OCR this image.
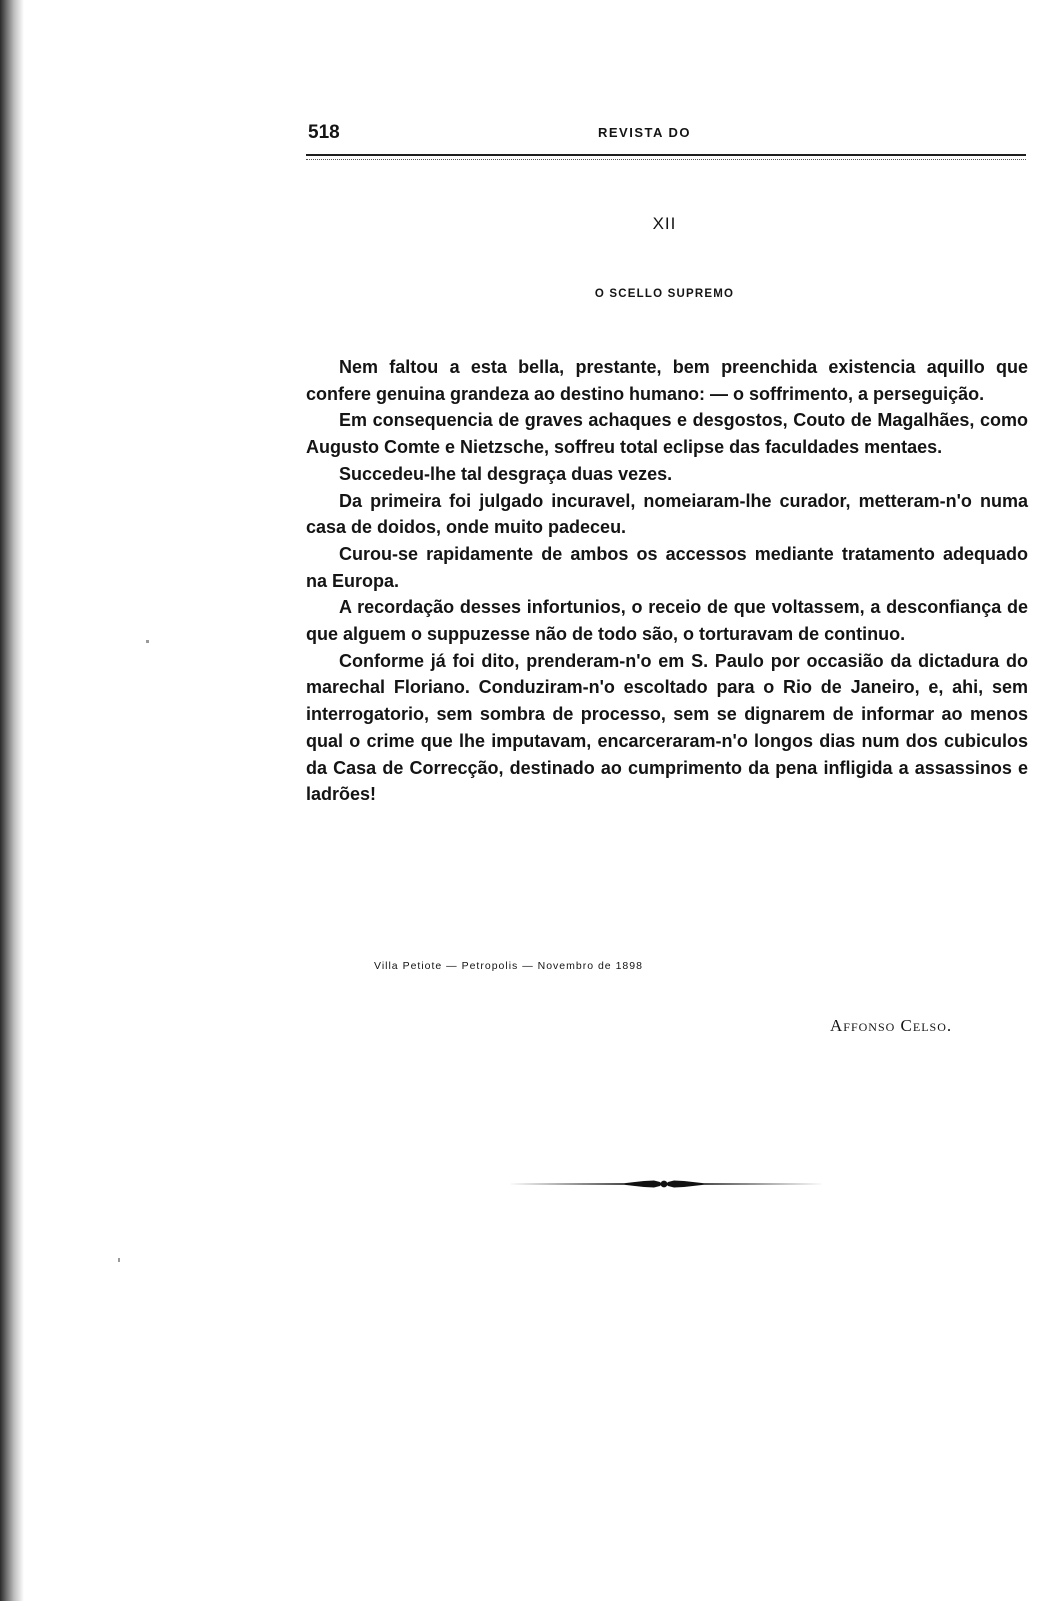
518	REVISTA DO
XII
O SCELLO SUPREMO

Nem faltou a esta bella, prestante, bem preenchida existencia aquillo que confere genuina grandeza ao destino humano: — o soffrimento, a perseguição.

Em consequencia de graves achaques e desgostos, Couto de Magalhães, como Augusto Comte e Nietzsche, soffreu total eclipse das faculdades mentaes.

Succedeu-lhe tal desgraça duas vezes.

Da primeira foi julgado incuravel, nomeiaram-lhe curador, metteram-n'o numa casa de doidos, onde muito padeceu.

Curou-se rapidamente de ambos os accessos mediante tratamento adequado na Europa.

A recordação desses infortunios, o receio de que voltassem, a desconfiança de que alguem o suppuzesse não de todo são, o torturavam de continuo.

Conforme já foi dito, prenderam-n'o em S. Paulo por occasião da dictadura do marechal Floriano. Conduziram-n'o escoltado para o Rio de Janeiro, e, ahi, sem interrogatorio, sem sombra de processo, sem se dignarem de informar ao menos qual o crime que lhe imputavam, encarceraram-n'o longos dias num dos cubiculos da Casa de Correcção, destinado ao cumprimento da pena infligida a assassinos e ladrões!

Villa Petiote — Petropolis — Novembro de 1898
Affonso Celso.
